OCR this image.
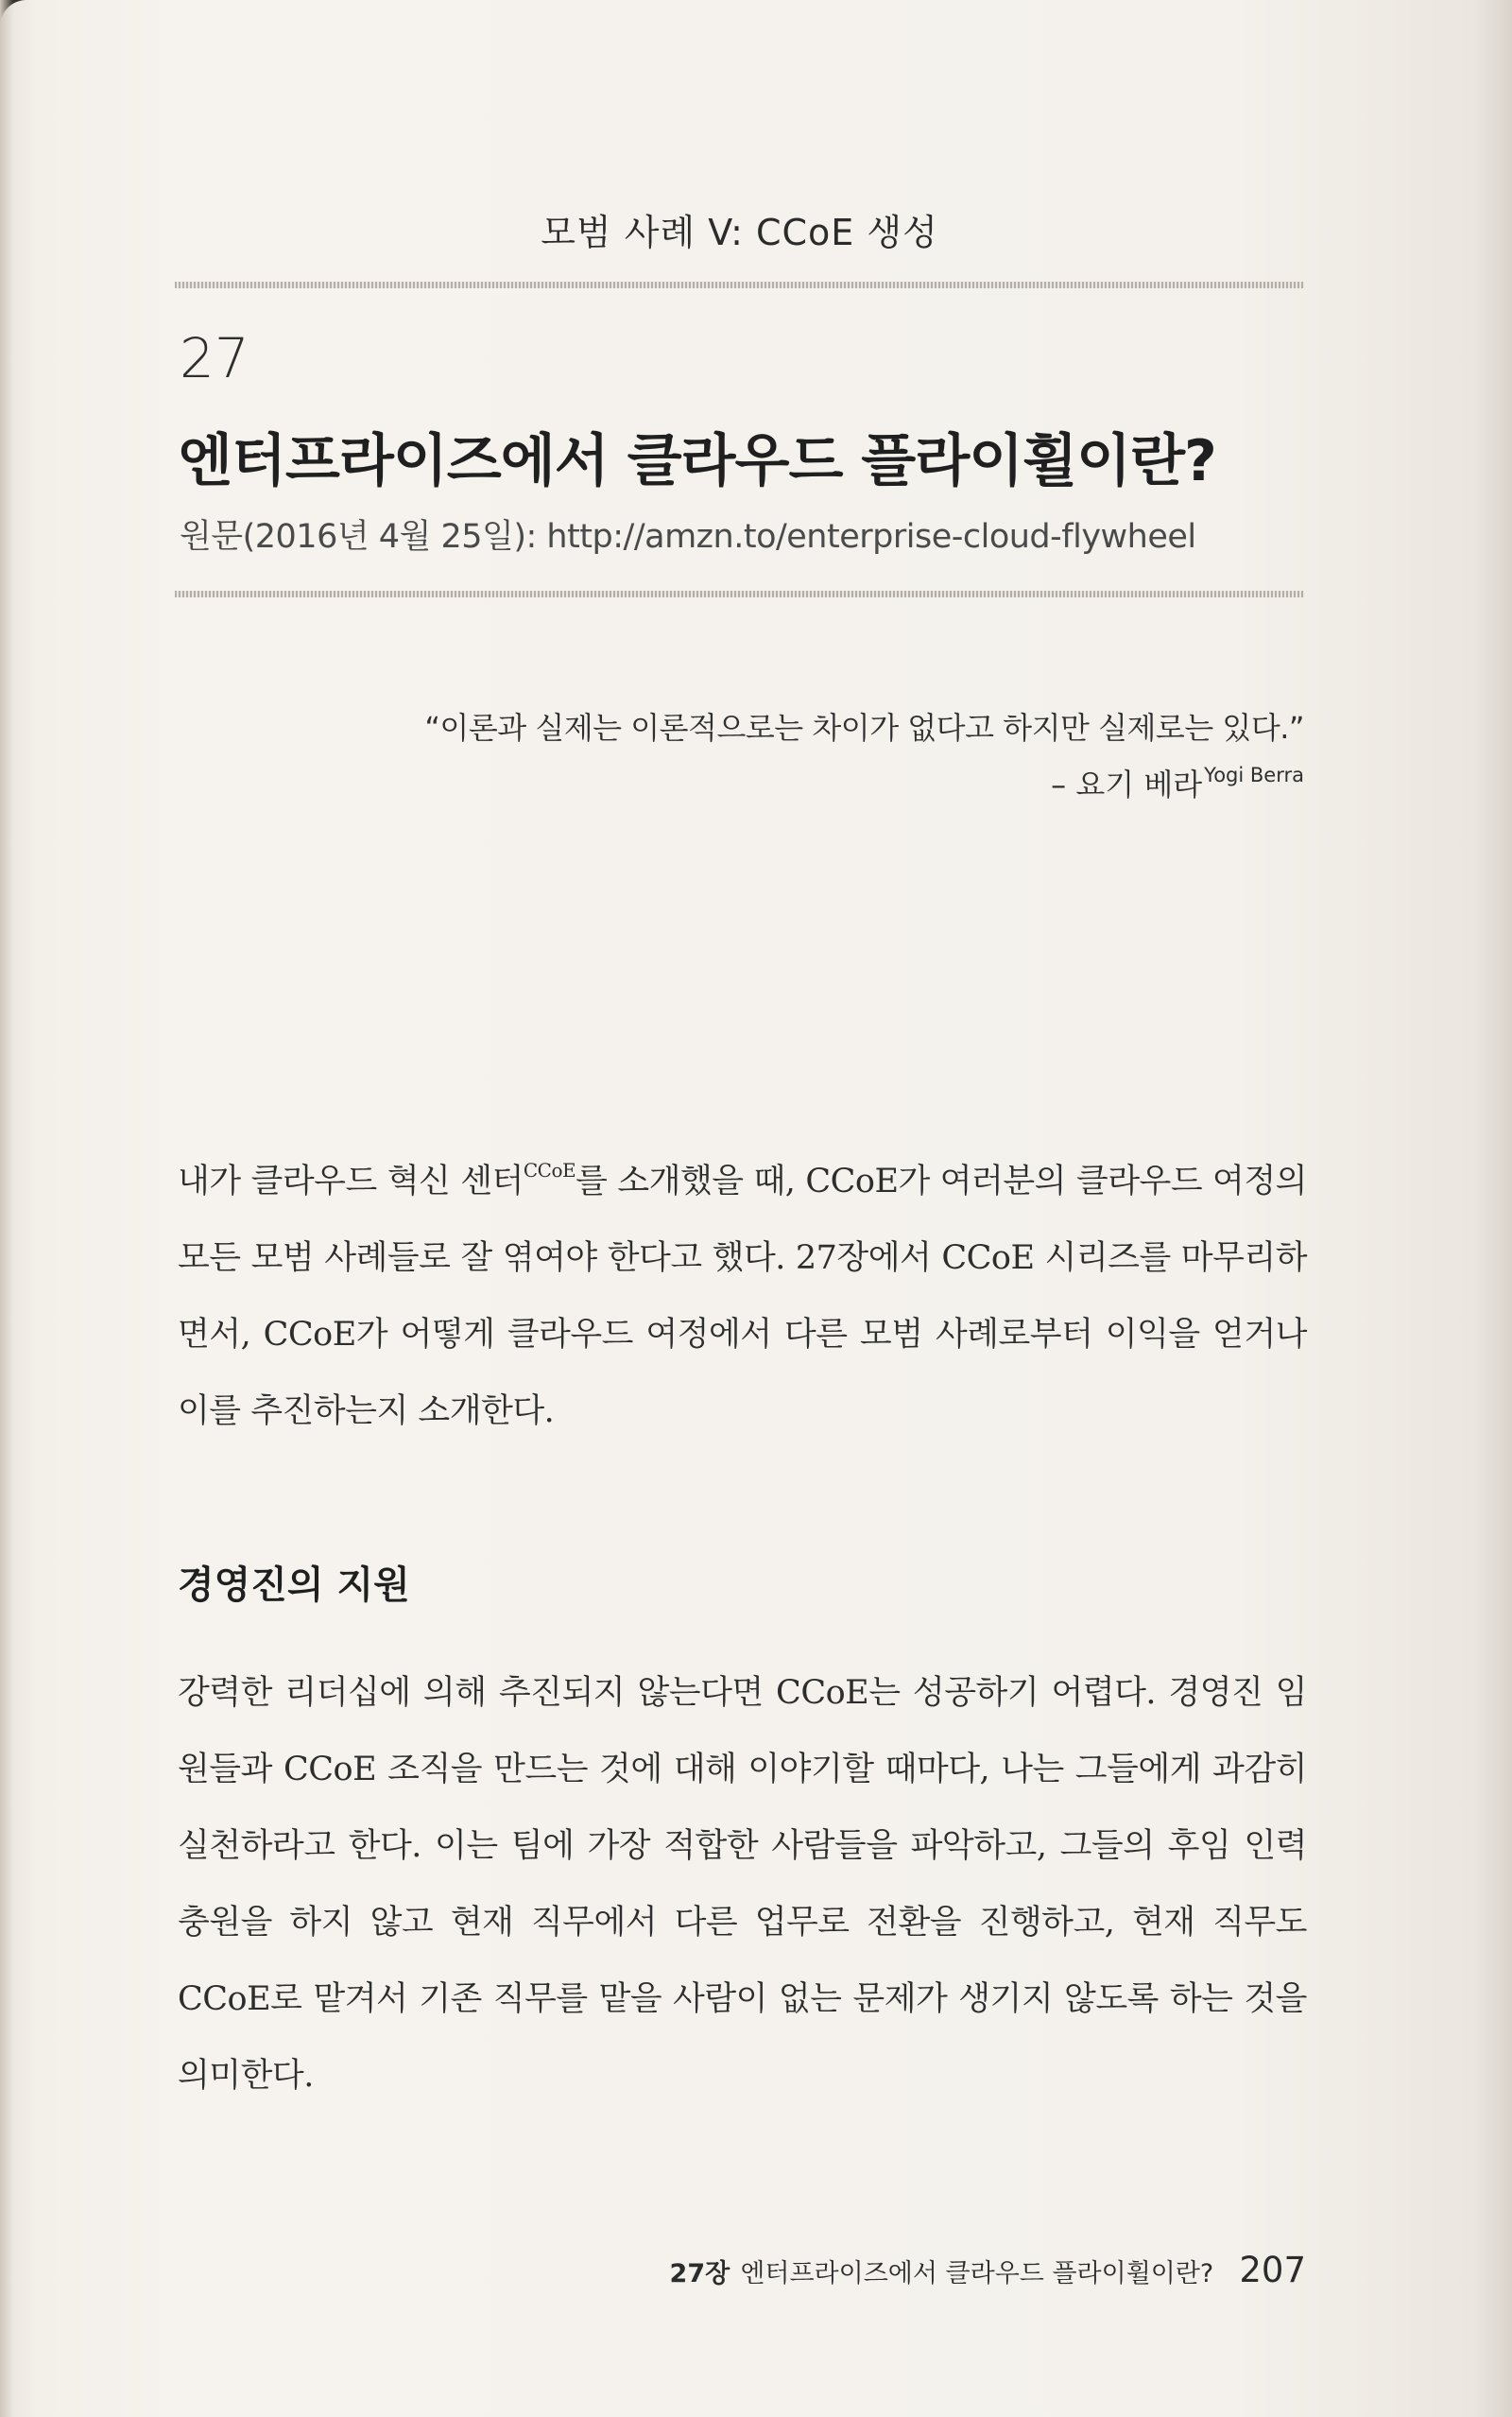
모범 사례 V: CCoE 생성
27
엔터프라이즈에서 클라우드 플라이휠이란?
원문(2016년 4월 25일): http://amzn.to/enterprise-cloud-flywheel
“이론과 실제는 이론적으로는 차이가 없다고 하지만 실제로는 있다.”
– 요기 베라$^{Yogi Berra}$
내가 클라우드 혁신 센터$^{CCoE}$를 소개했을 때, CCoE가 여러분의 클라우드 여정의 모든 모범 사례들로 잘 엮여야 한다고 했다. 27장에서 CCoE 시리즈를 마무리하면서, CCoE가 어떻게 클라우드 여정에서 다른 모범 사례로부터 이익을 얻거나 이를 추진하는지 소개한다.
경영진의 지원
강력한 리더십에 의해 추진되지 않는다면 CCoE는 성공하기 어렵다. 경영진 임원들과 CCoE 조직을 만드는 것에 대해 이야기할 때마다, 나는 그들에게 과감히 실천하라고 한다. 이는 팀에 가장 적합한 사람들을 파악하고, 그들의 후임 인력 충원을 하지 않고 현재 직무에서 다른 업무로 전환을 진행하고, 현재 직무도 CCoE로 맡겨서 기존 직무를 맡을 사람이 없는 문제가 생기지 않도록 하는 것을 의미한다.
27장 엔터프라이즈에서 클라우드 플라이휠이란? 207
